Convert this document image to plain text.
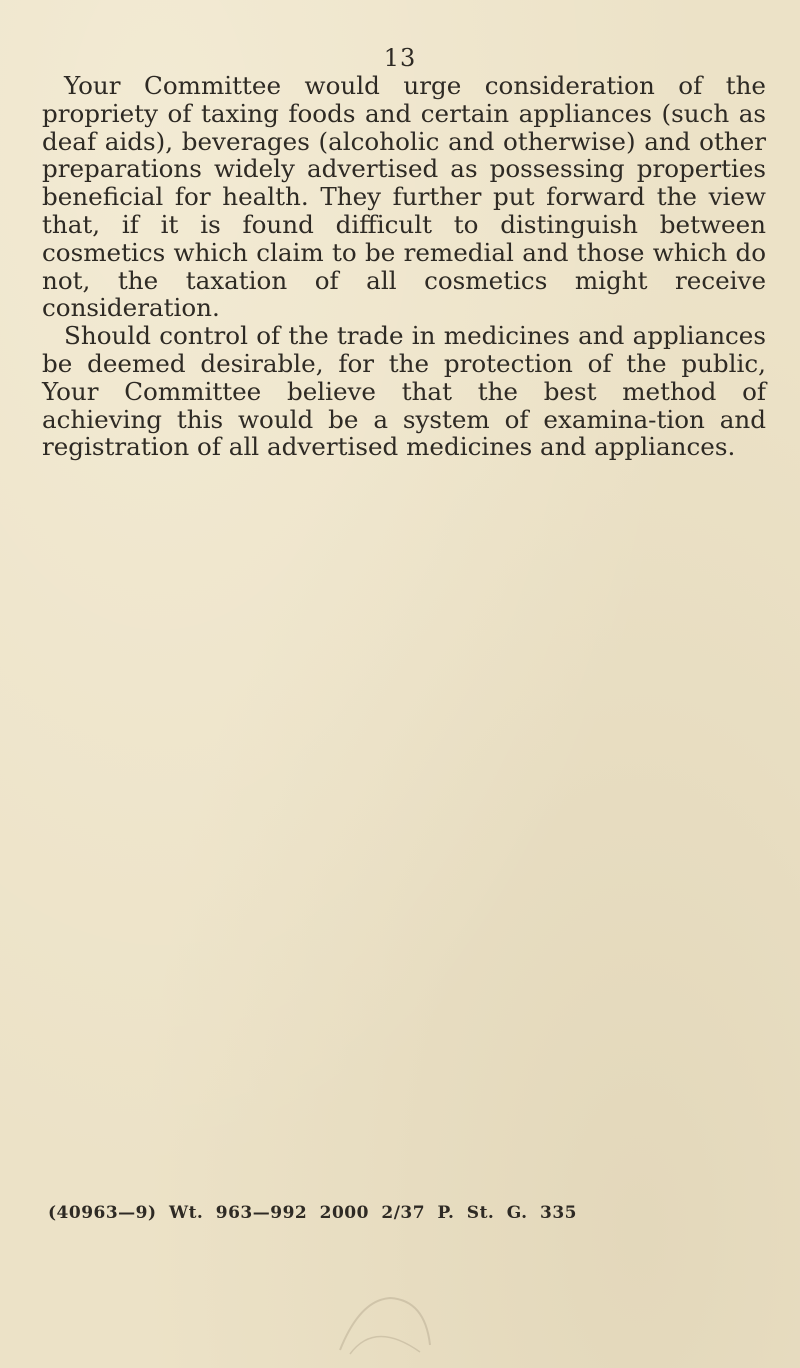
13

Your Committee would urge consideration of the propriety of taxing foods and certain appliances (such as deaf aids), beverages (alcoholic and otherwise) and other preparations widely advertised as possessing properties beneficial for health. They further put forward the view that, if it is found difficult to distinguish between cosmetics which claim to be remedial and those which do not, the taxation of all cosmetics might receive consideration.

Should control of the trade in medicines and appliances be deemed desirable, for the protection of the public, Your Committee believe that the best method of achieving this would be a system of examina-tion and registration of all advertised medicines and appliances.

(40963—9) Wt. 963—992 2000 2/37 P. St. G. 335
